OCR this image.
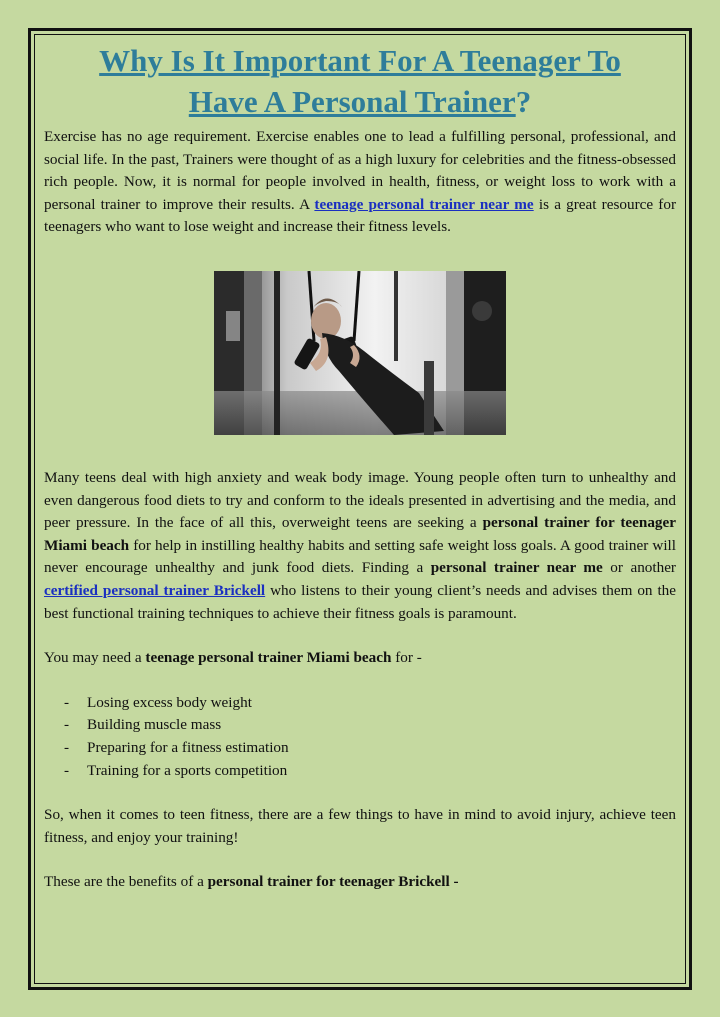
Why Is It Important For A Teenager To
Have A Personal Trainer?

Exercise has no age requirement. Exercise enables one to lead a fulfilling personal, professional, and social life. In the past, Trainers were thought of as a high luxury for celebrities and the fitness-obsessed rich people. Now, it is normal for people involved in health, fitness, or weight loss to work with a personal trainer to improve their results. A teenage personal trainer near me is a great resource for teenagers who want to lose weight and increase their fitness levels.

Many teens deal with high anxiety and weak body image. Young people often turn to unhealthy and even dangerous food diets to try and conform to the ideals presented in advertising and the media, and peer pressure. In the face of all this, overweight teens are seeking a personal trainer for teenager Miami beach for help in instilling healthy habits and setting safe weight loss goals. A good trainer will never encourage unhealthy and junk food diets. Finding a personal trainer near me or another certified personal trainer Brickell who listens to their young client’s needs and advises them on the best functional training techniques to achieve their fitness goals is paramount.

You may need a teenage personal trainer Miami beach for -

- Losing excess body weight
- Building muscle mass
- Preparing for a fitness estimation
- Training for a sports competition

So, when it comes to teen fitness, there are a few things to have in mind to avoid injury, achieve teen fitness, and enjoy your training!

These are the benefits of a personal trainer for teenager Brickell -
